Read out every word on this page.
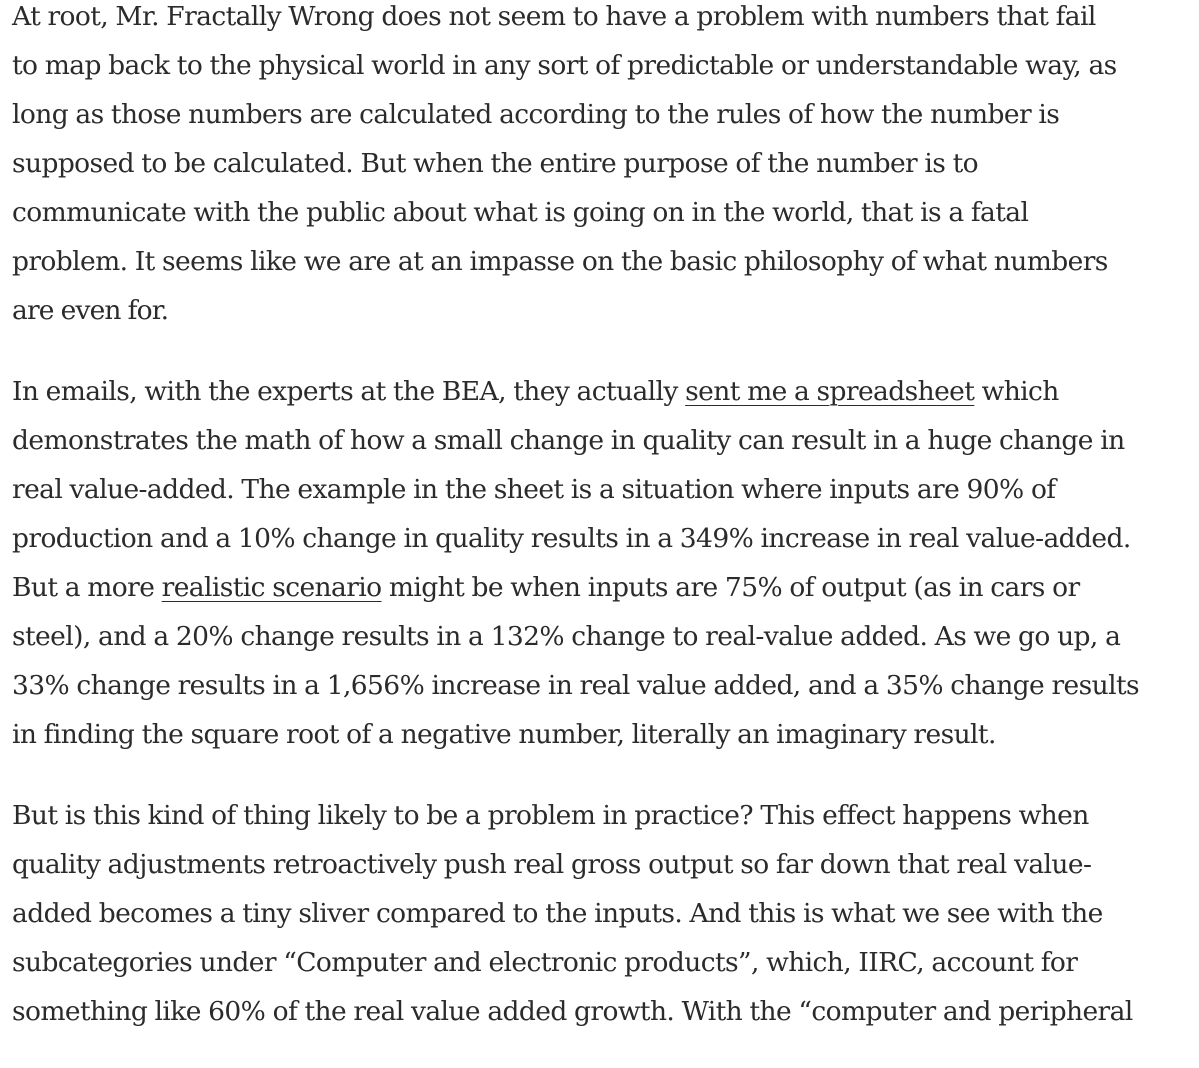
At root, Mr. Fractally Wrong does not seem to have a problem with numbers that fail
to map back to the physical world in any sort of predictable or understandable way, as
long as those numbers are calculated according to the rules of how the number is
supposed to be calculated. But when the entire purpose of the number is to
communicate with the public about what is going on in the world, that is a fatal
problem. It seems like we are at an impasse on the basic philosophy of what numbers
are even for.

In emails, with the experts at the BEA, they actually sent me a spreadsheet which
demonstrates the math of how a small change in quality can result in a huge change in
real value-added. The example in the sheet is a situation where inputs are 90% of
production and a 10% change in quality results in a 349% increase in real value-added.
But a more realistic scenario might be when inputs are 75% of output (as in cars or
steel), and a 20% change results in a 132% change to real-value added. As we go up, a
33% change results in a 1,656% increase in real value added, and a 35% change results
in finding the square root of a negative number, literally an imaginary result.

But is this kind of thing likely to be a problem in practice? This effect happens when
quality adjustments retroactively push real gross output so far down that real value-
added becomes a tiny sliver compared to the inputs. And this is what we see with the
subcategories under “Computer and electronic products”, which, IIRC, account for
something like 60% of the real value added growth. With the “computer and peripheral
